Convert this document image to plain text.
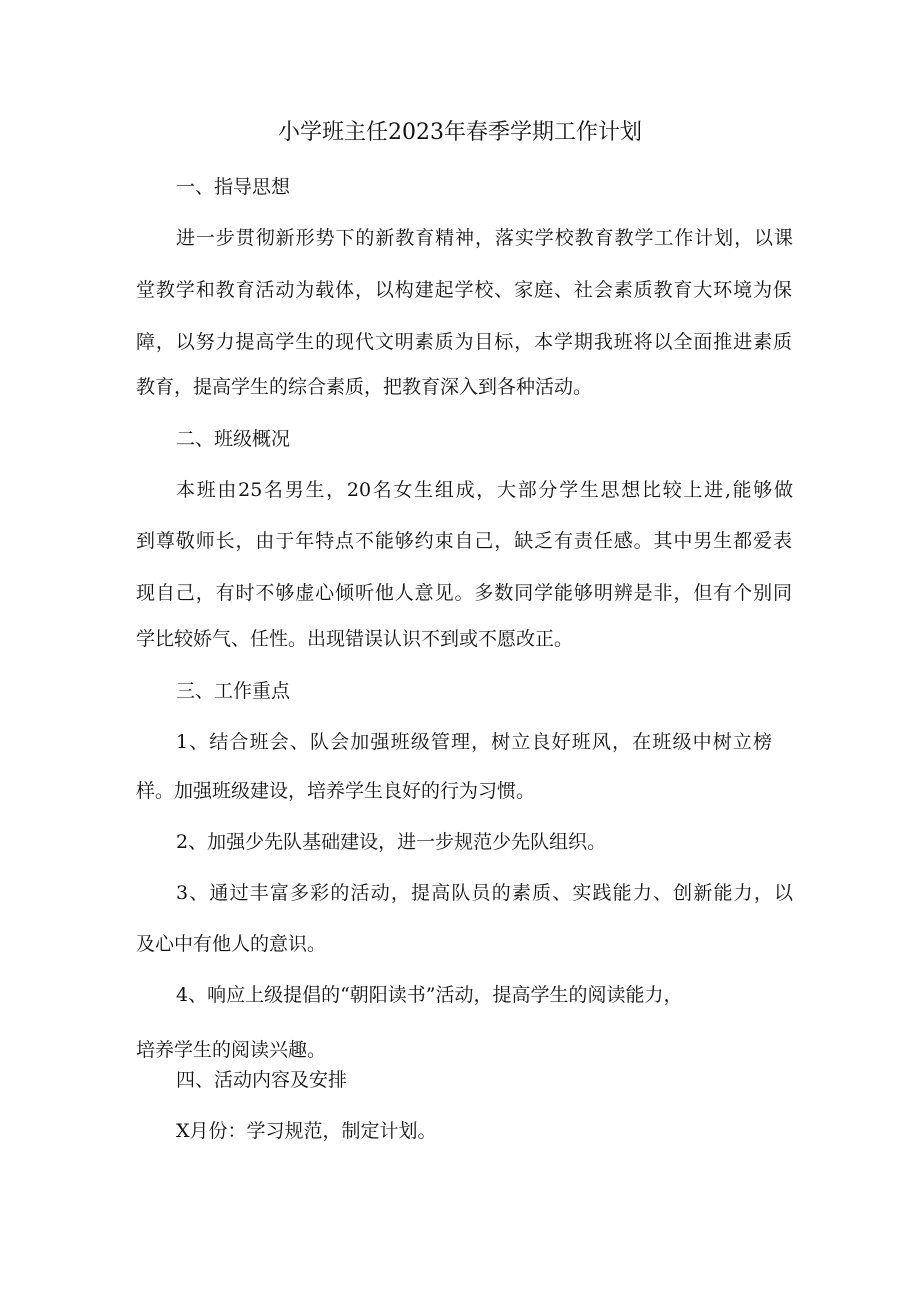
小学班主任2023年春季学期工作计划
一、指导思想
进一步贯彻新形势下的新教育精神，落实学校教育教学工作计划，以课
堂教学和教育活动为载体，以构建起学校、家庭、社会素质教育大环境为保
障，以努力提高学生的现代文明素质为目标，本学期我班将以全面推进素质
教育，提高学生的综合素质，把教育深入到各种活动。
二、班级概况
本班由25名男生，20名女生组成，大部分学生思想比较上进,能够做
到尊敬师长，由于年特点不能够约束自己，缺乏有责任感。其中男生都爱表
现自己，有时不够虚心倾听他人意见。多数同学能够明辨是非，但有个别同
学比较娇气、任性。出现错误认识不到或不愿改正。
三、工作重点
1、结合班会、队会加强班级管理，树立良好班风，在班级中树立榜
样。加强班级建设，培养学生良好的行为习惯。
2、加强少先队基础建设，进一步规范少先队组织。
3、通过丰富多彩的活动，提高队员的素质、实践能力、创新能力，以
及心中有他人的意识。
4、响应上级提倡的“朝阳读书”活动，提高学生的阅读能力，
培养学生的阅读兴趣。
四、活动内容及安排
X月份：学习规范，制定计划。
